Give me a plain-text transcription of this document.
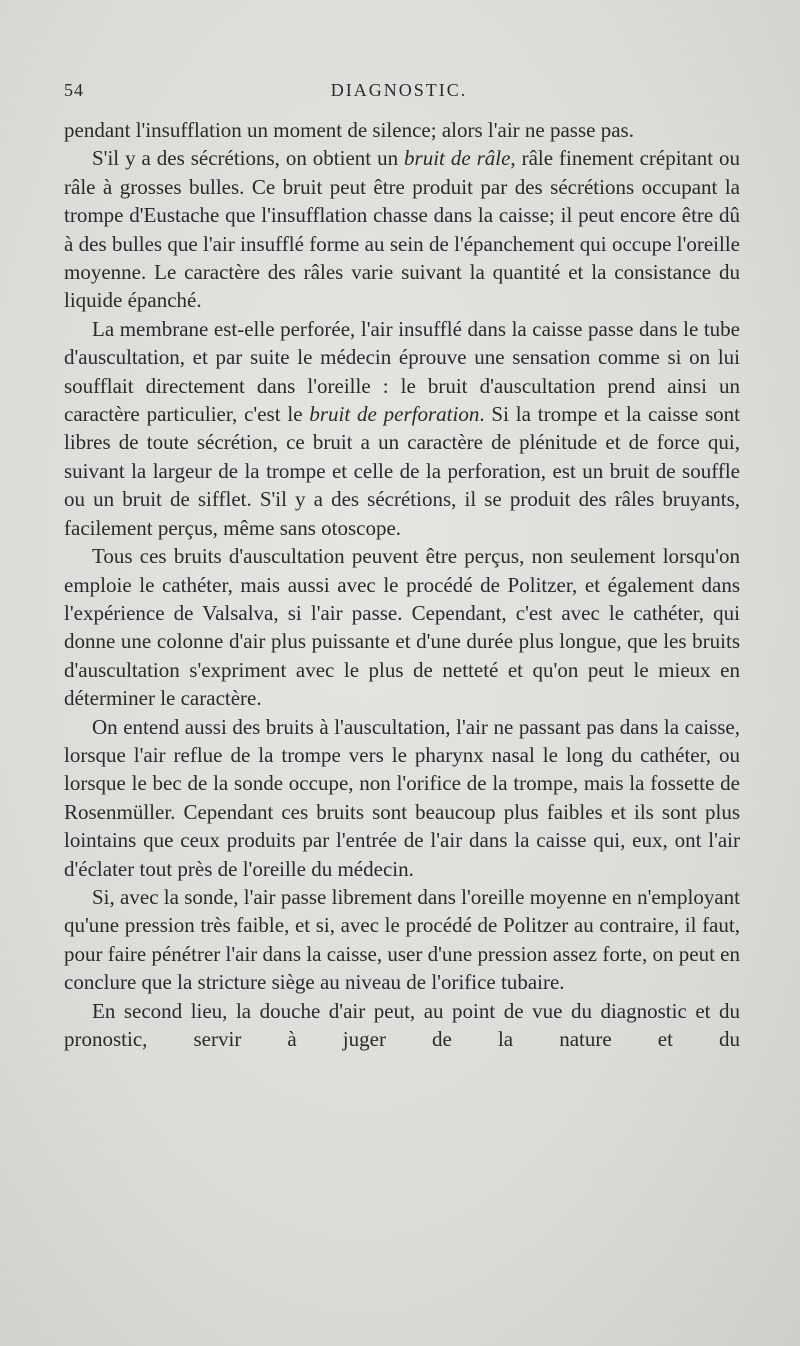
54	DIAGNOSTIC.

pendant l'insufflation un moment de silence; alors l'air ne passe pas.

S'il y a des sécrétions, on obtient un bruit de râle, râle finement crépitant ou râle à grosses bulles. Ce bruit peut être produit par des sécrétions occupant la trompe d'Eustache que l'insufflation chasse dans la caisse; il peut encore être dû à des bulles que l'air insufflé forme au sein de l'épanchement qui occupe l'oreille moyenne. Le caractère des râles varie suivant la quantité et la consistance du liquide épanché.

La membrane est-elle perforée, l'air insufflé dans la caisse passe dans le tube d'auscultation, et par suite le médecin éprouve une sensation comme si on lui soufflait directement dans l'oreille : le bruit d'auscultation prend ainsi un caractère particulier, c'est le bruit de perforation. Si la trompe et la caisse sont libres de toute sécrétion, ce bruit a un caractère de plénitude et de force qui, suivant la largeur de la trompe et celle de la perforation, est un bruit de souffle ou un bruit de sifflet. S'il y a des sécrétions, il se produit des râles bruyants, facilement perçus, même sans otoscope.

Tous ces bruits d'auscultation peuvent être perçus, non seulement lorsqu'on emploie le cathéter, mais aussi avec le procédé de Politzer, et également dans l'expérience de Valsalva, si l'air passe. Cependant, c'est avec le cathéter, qui donne une colonne d'air plus puissante et d'une durée plus longue, que les bruits d'auscultation s'expriment avec le plus de netteté et qu'on peut le mieux en déterminer le caractère.

On entend aussi des bruits à l'auscultation, l'air ne passant pas dans la caisse, lorsque l'air reflue de la trompe vers le pharynx nasal le long du cathéter, ou lorsque le bec de la sonde occupe, non l'orifice de la trompe, mais la fossette de Rosenmüller. Cependant ces bruits sont beaucoup plus faibles et ils sont plus lointains que ceux produits par l'entrée de l'air dans la caisse qui, eux, ont l'air d'éclater tout près de l'oreille du médecin.

Si, avec la sonde, l'air passe librement dans l'oreille moyenne en n'employant qu'une pression très faible, et si, avec le procédé de Politzer au contraire, il faut, pour faire pénétrer l'air dans la caisse, user d'une pression assez forte, on peut en conclure que la stricture siège au niveau de l'orifice tubaire.

En second lieu, la douche d'air peut, au point de vue du diagnostic et du pronostic, servir à juger de la nature et du
